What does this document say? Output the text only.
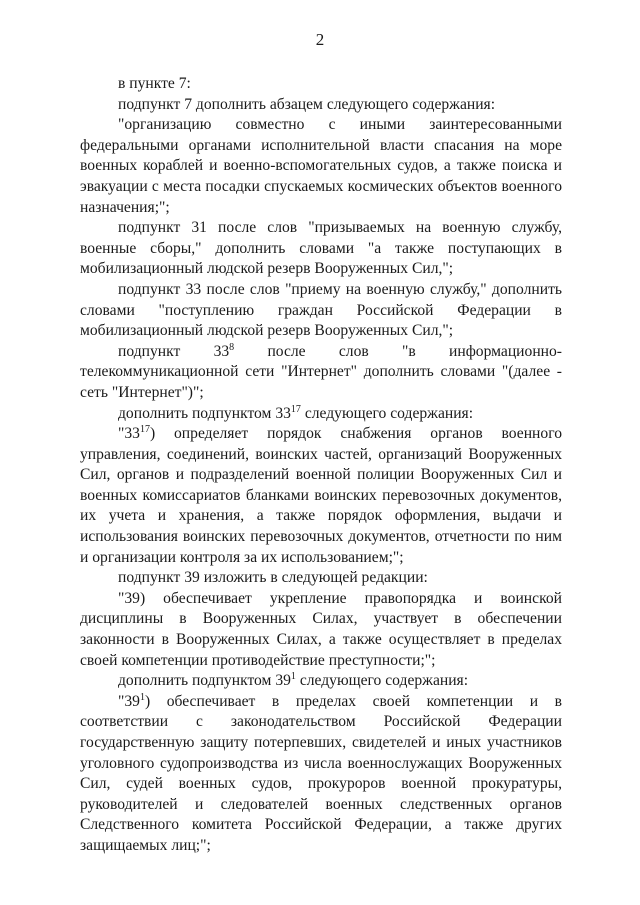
2

в пункте 7:

подпункт 7 дополнить абзацем следующего содержания:

"организацию совместно с иными заинтересованными федеральными органами исполнительной власти спасания на море военных кораблей и военно-вспомогательных судов, а также поиска и эвакуации с места посадки спускаемых космических объектов военного назначения;";

подпункт 31 после слов "призываемых на военную службу, военные сборы," дополнить словами "а также поступающих в мобилизационный людской резерв Вооруженных Сил,";

подпункт 33 после слов "приему на военную службу," дополнить словами "поступлению граждан Российской Федерации в мобилизационный людской резерв Вооруженных Сил,";

подпункт $33^8$ после слов "в информационно-телекоммуникационной сети "Интернет" дополнить словами "(далее - сеть "Интернет")";

дополнить подпунктом $33^{17}$ следующего содержания:

"$33^{17}$) определяет порядок снабжения органов военного управления, соединений, воинских частей, организаций Вооруженных Сил, органов и подразделений военной полиции Вооруженных Сил и военных комиссариатов бланками воинских перевозочных документов, их учета и хранения, а также порядок оформления, выдачи и использования воинских перевозочных документов, отчетности по ним и организации контроля за их использованием;";

подпункт 39 изложить в следующей редакции:

"39) обеспечивает укрепление правопорядка и воинской дисциплины в Вооруженных Силах, участвует в обеспечении законности в Вооруженных Силах, а также осуществляет в пределах своей компетенции противодействие преступности;";

дополнить подпунктом $39^1$ следующего содержания:

"$39^1$) обеспечивает в пределах своей компетенции и в соответствии с законодательством Российской Федерации государственную защиту потерпевших, свидетелей и иных участников уголовного судопроизводства из числа военнослужащих Вооруженных Сил, судей военных судов, прокуроров военной прокуратуры, руководителей и следователей военных следственных органов Следственного комитета Российской Федерации, а также других защищаемых лиц;";
